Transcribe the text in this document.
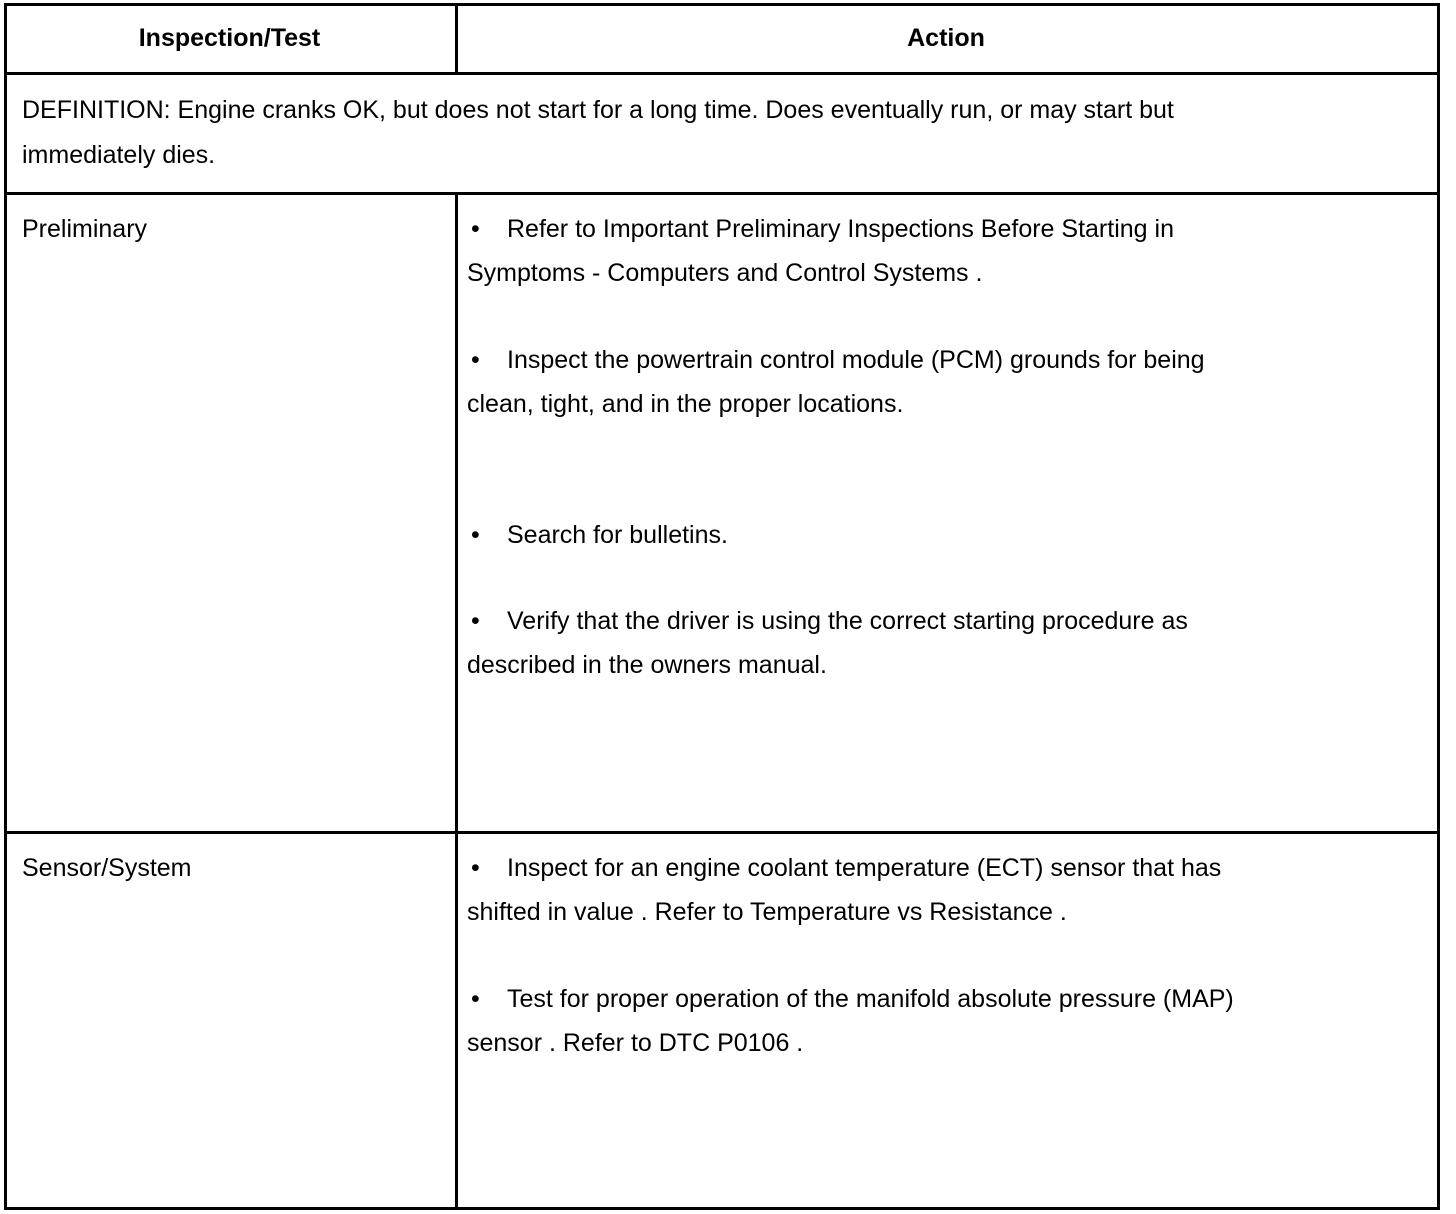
Inspection/Test	Action
DEFINITION: Engine cranks OK, but does not start for a long time. Does eventually run, or may start but
immediately dies.
Preliminary	• Refer to Important Preliminary Inspections Before Starting in
Symptoms - Computers and Control Systems .
• Inspect the powertrain control module (PCM) grounds for being
clean, tight, and in the proper locations.
• Search for bulletins.
• Verify that the driver is using the correct starting procedure as
described in the owners manual.
Sensor/System	• Inspect for an engine coolant temperature (ECT) sensor that has
shifted in value . Refer to Temperature vs Resistance .
• Test for proper operation of the manifold absolute pressure (MAP)
sensor . Refer to DTC P0106 .
